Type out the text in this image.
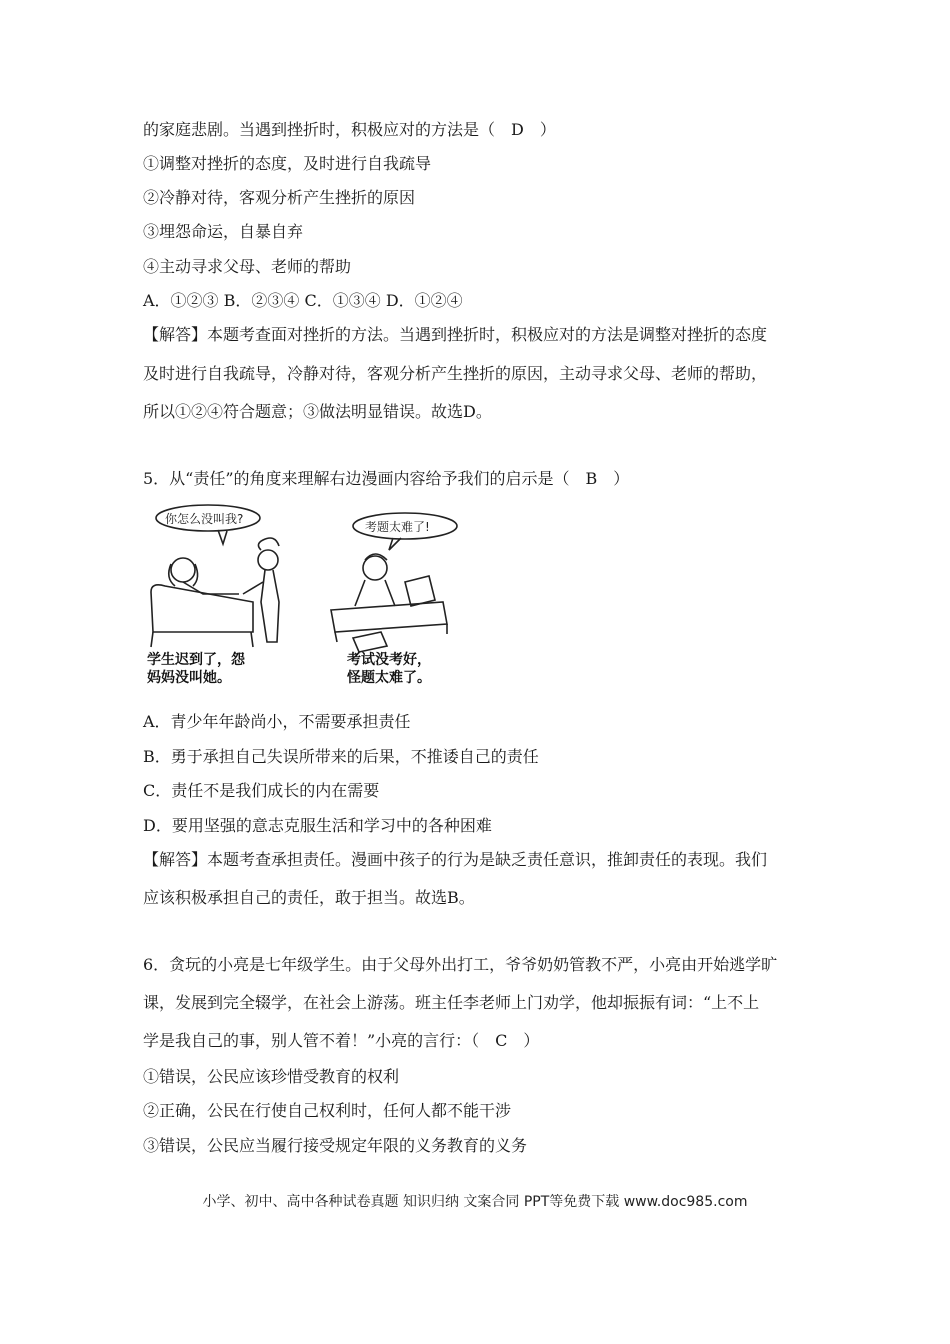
的家庭悲剧。当遇到挫折时，积极应对的方法是（　D　）
①调整对挫折的态度，及时进行自我疏导
②冷静对待，客观分析产生挫折的原因
③埋怨命运，自暴自弃
④主动寻求父母、老师的帮助
A．①②③ B．②③④ C．①③④ D．①②④
【解答】本题考查面对挫折的方法。当遇到挫折时，积极应对的方法是调整对挫折的态度
及时进行自我疏导，冷静对待，客观分析产生挫折的原因，主动寻求父母、老师的帮助，
所以①②④符合题意；③做法明显错误。故选D。
5．从“责任”的角度来理解右边漫画内容给予我们的启示是（　B　）
你怎么没叫我?
考题太难了!
学生迟到了，怨
妈妈没叫她。
考试没考好，
怪题太难了。
A．青少年年龄尚小，不需要承担责任
B．勇于承担自己失误所带来的后果，不推诿自己的责任
C．责任不是我们成长的内在需要
D．要用坚强的意志克服生活和学习中的各种困难
【解答】本题考查承担责任。漫画中孩子的行为是缺乏责任意识，推卸责任的表现。我们
应该积极承担自己的责任，敢于担当。故选B。
6．贪玩的小亮是七年级学生。由于父母外出打工，爷爷奶奶管教不严，小亮由开始逃学旷
课，发展到完全辍学，在社会上游荡。班主任李老师上门劝学，他却振振有词：“上不上
学是我自己的事，别人管不着！”小亮的言行：（　C　）
①错误，公民应该珍惜受教育的权利
②正确，公民在行使自己权利时，任何人都不能干涉
③错误，公民应当履行接受规定年限的义务教育的义务
小学、初中、高中各种试卷真题 知识归纳 文案合同 PPT等免费下载 www.doc985.com
